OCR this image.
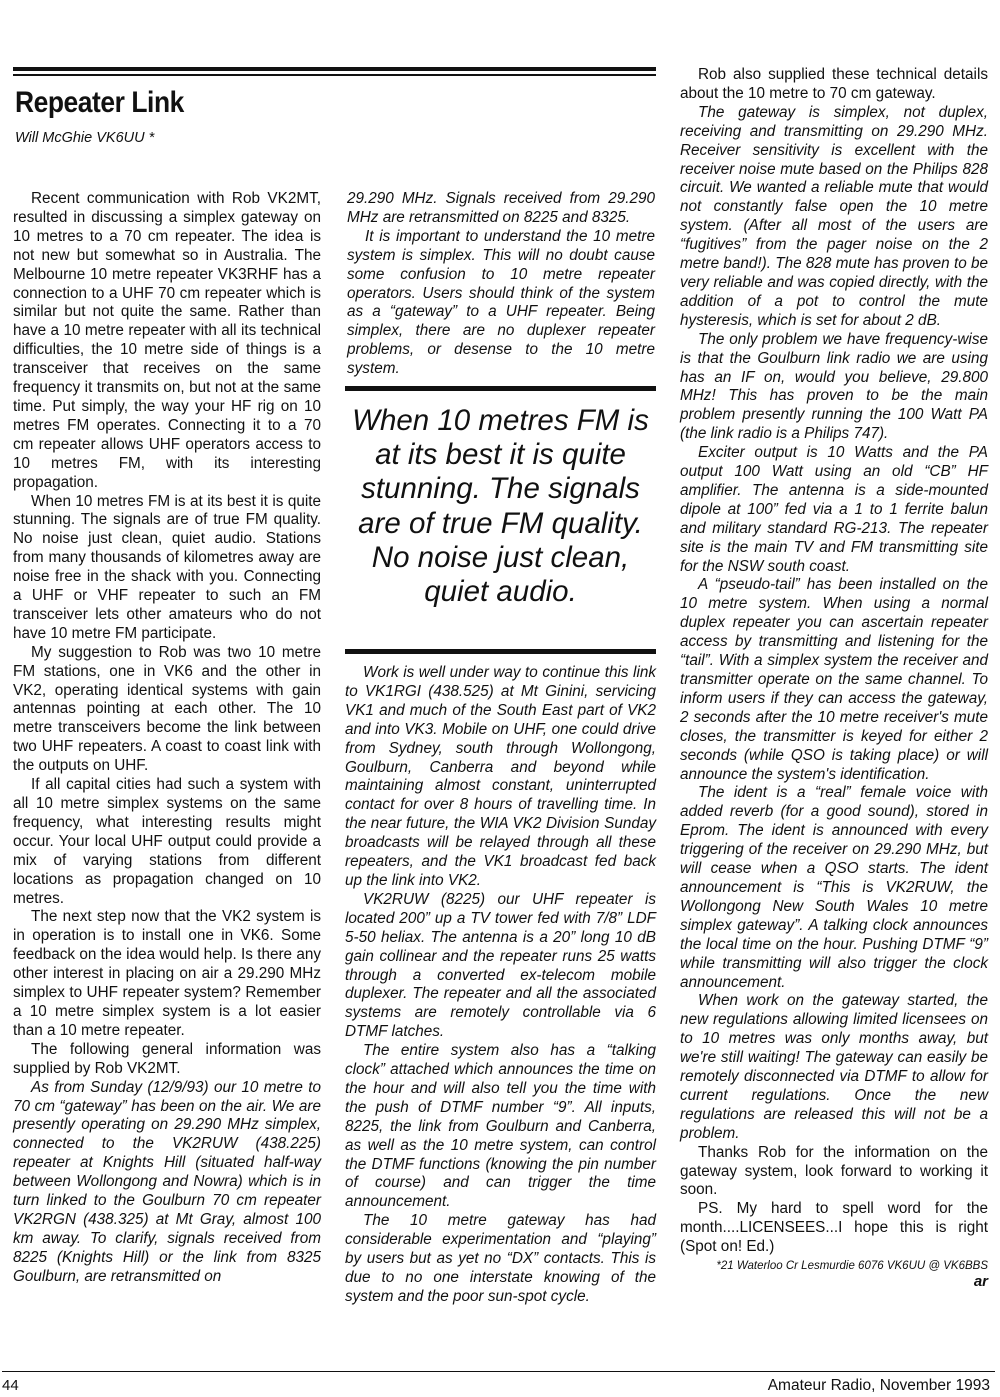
Repeater Link
Will McGhie VK6UU *

Recent communication with Rob VK2MT, resulted in discussing a simplex gateway on 10 metres to a 70 cm repeater. The idea is not new but somewhat so in Australia. The Melbourne 10 metre repeater VK3RHF has a connection to a UHF 70 cm repeater which is similar but not quite the same. Rather than have a 10 metre repeater with all its technical difficulties, the 10 metre side of things is a transceiver that receives on the same frequency it transmits on, but not at the same time. Put simply, the way your HF rig on 10 metres FM operates. Connecting it to a 70 cm repeater allows UHF operators access to 10 metres FM, with its interesting propagation.

When 10 metres FM is at its best it is quite stunning. The signals are of true FM quality. No noise just clean, quiet audio. Stations from many thousands of kilometres away are noise free in the shack with you. Connecting a UHF or VHF repeater to such an FM transceiver lets other amateurs who do not have 10 metre FM participate.

My suggestion to Rob was two 10 metre FM stations, one in VK6 and the other in VK2, operating identical systems with gain antennas pointing at each other. The 10 metre transceivers become the link between two UHF repeaters. A coast to coast link with the outputs on UHF.

If all capital cities had such a system with all 10 metre simplex systems on the same frequency, what interesting results might occur. Your local UHF output could provide a mix of varying stations from different locations as propagation changed on 10 metres.

The next step now that the VK2 system is in operation is to install one in VK6. Some feedback on the idea would help. Is there any other interest in placing on air a 29.290 MHz simplex to UHF repeater system? Remember a 10 metre simplex system is a lot easier than a 10 metre repeater.

The following general information was supplied by Rob VK2MT.

As from Sunday (12/9/93) our 10 metre to 70 cm “gateway” has been on the air. We are presently operating on 29.290 MHz simplex, connected to the VK2RUW (438.225) repeater at Knights Hill (situated half-way between Wollongong and Nowra) which is in turn linked to the Goulburn 70 cm repeater VK2RGN (438.325) at Mt Gray, almost 100 km away. To clarify, signals received from 8225 (Knights Hill) or the link from 8325 Goulburn, are retransmitted on

29.290 MHz. Signals received from 29.290 MHz are retransmitted on 8225 and 8325.

It is important to understand the 10 metre system is simplex. This will no doubt cause some confusion to 10 metre repeater operators. Users should think of the system as a “gateway” to a UHF repeater. Being simplex, there are no duplexer repeater problems, or desense to the 10 metre system.

When 10 metres FM is at its best it is quite stunning. The signals are of true FM quality. No noise just clean, quiet audio.

Work is well under way to continue this link to VK1RGI (438.525) at Mt Ginini, servicing VK1 and much of the South East part of VK2 and into VK3. Mobile on UHF, one could drive from Sydney, south through Wollongong, Goulburn, Canberra and beyond while maintaining almost constant, uninterrupted contact for over 8 hours of travelling time. In the near future, the WIA VK2 Division Sunday broadcasts will be relayed through all these repeaters, and the VK1 broadcast fed back up the link into VK2.

VK2RUW (8225) our UHF repeater is located 200” up a TV tower fed with 7/8” LDF 5-50 heliax. The antenna is a 20” long 10 dB gain collinear and the repeater runs 25 watts through a converted ex-telecom mobile duplexer. The repeater and all the associated systems are remotely controllable via 6 DTMF latches.

The entire system also has a “talking clock” attached which announces the time on the hour and will also tell you the time with the push of DTMF number “9”. All inputs, 8225, the link from Goulburn and Canberra, as well as the 10 metre system, can control the DTMF functions (knowing the pin number of course) and can trigger the time announcement.

The 10 metre gateway has had considerable experimentation and “playing” by users but as yet no “DX” contacts. This is due to no one interstate knowing of the system and the poor sun-spot cycle.

Rob also supplied these technical details about the 10 metre to 70 cm gateway.

The gateway is simplex, not duplex, receiving and transmitting on 29.290 MHz. Receiver sensitivity is excellent with the receiver noise mute based on the Philips 828 circuit. We wanted a reliable mute that would not constantly false open the 10 metre system. (After all most of the users are “fugitives” from the pager noise on the 2 metre band!). The 828 mute has proven to be very reliable and was copied directly, with the addition of a pot to control the mute hysteresis, which is set for about 2 dB.

The only problem we have frequency-wise is that the Goulburn link radio we are using has an IF on, would you believe, 29.800 MHz! This has proven to be the main problem presently running the 100 Watt PA (the link radio is a Philips 747).

Exciter output is 10 Watts and the PA output 100 Watt using an old “CB” HF amplifier. The antenna is a side-mounted dipole at 100” fed via a 1 to 1 ferrite balun and military standard RG-213. The repeater site is the main TV and FM transmitting site for the NSW south coast.

A “pseudo-tail” has been installed on the 10 metre system. When using a normal duplex repeater you can ascertain repeater access by transmitting and listening for the “tail”. With a simplex system the receiver and transmitter operate on the same channel. To inform users if they can access the gateway, 2 seconds after the 10 metre receiver's mute closes, the transmitter is keyed for either 2 seconds (while QSO is taking place) or will announce the system's identification.

The ident is a “real” female voice with added reverb (for a good sound), stored in Eprom. The ident is announced with every triggering of the receiver on 29.290 MHz, but will cease when a QSO starts. The ident announcement is “This is VK2RUW, the Wollongong New South Wales 10 metre simplex gateway”. A talking clock announces the local time on the hour. Pushing DTMF “9” while transmitting will also trigger the clock announcement.

When work on the gateway started, the new regulations allowing limited licensees on to 10 metres was only months away, but we're still waiting! The gateway can easily be remotely disconnected via DTMF to allow for current regulations. Once the new regulations are released this will not be a problem.

Thanks Rob for the information on the gateway system, look forward to working it soon.

PS. My hard to spell word for the month....LICENSEES...I hope this is right (Spot on! Ed.)

*21 Waterloo Cr Lesmurdie 6076 VK6UU @ VK6BBS
ar
44	Amateur Radio, November 1993
